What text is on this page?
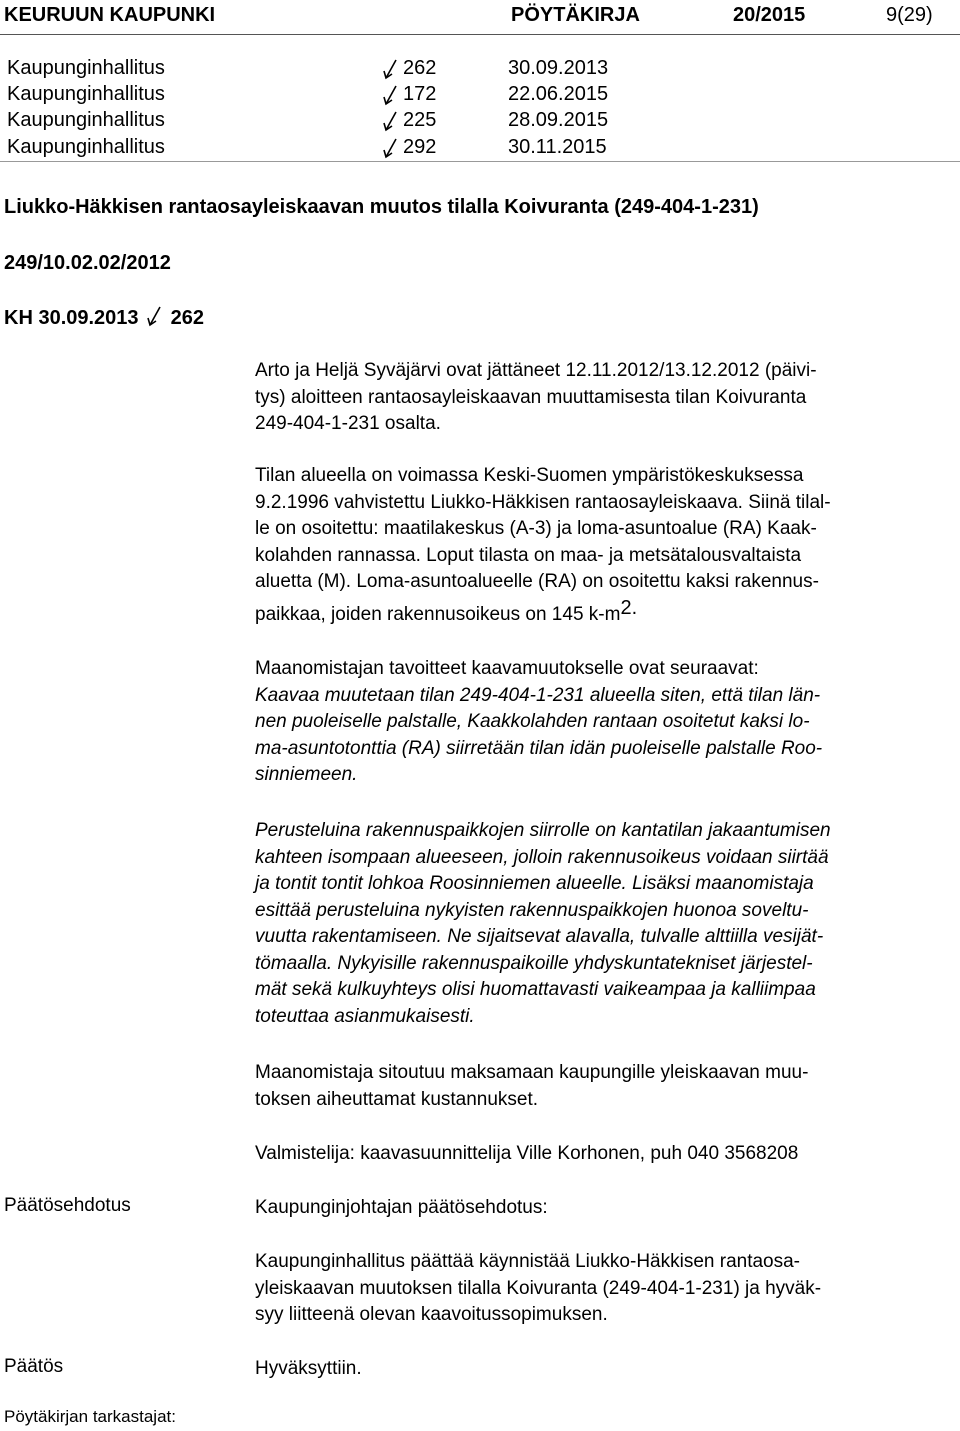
KEURUUN KAUPUNKI	PÖYTÄKIRJA	20/2015	9(29)
Kaupunginhallitus	262	30.09.2013
Kaupunginhallitus	172	22.06.2015
Kaupunginhallitus	225	28.09.2015
Kaupunginhallitus	292	30.11.2015
Liukko-Häkkisen rantaosayleiskaavan muutos tilalla Koivuranta (249-404-1-231)
249/10.02.02/2012
KH 30.09.2013 262
Arto ja Heljä Syväjärvi ovat jättäneet 12.11.2012/13.12.2012 (päivi-
tys) aloitteen rantaosayleiskaavan muuttamisesta tilan Koivuranta
249-404-1-231 osalta.
Tilan alueella on voimassa Keski-Suomen ympäristökeskuksessa
9.2.1996 vahvistettu Liukko-Häkkisen rantaosayleiskaava. Siinä tilal-
le on osoitettu: maatilakeskus (A-3) ja loma-asuntoalue (RA) Kaak-
kolahden rannassa. Loput tilasta on maa- ja metsätalousvaltaista
aluetta (M). Loma-asuntoalueelle (RA) on osoitettu kaksi rakennus-
paikkaa, joiden rakennusoikeus on 145 $k-m^{2.}$
Maanomistajan tavoitteet kaavamuutokselle ovat seuraavat:
Kaavaa muutetaan tilan 249-404-1-231 alueella siten, että tilan län-
nen puoleiselle palstalle, Kaakkolahden rantaan osoitetut kaksi lo-
ma-asuntotonttia (RA) siirretään tilan idän puoleiselle palstalle Roo-
sinniemeen.
Perusteluina rakennuspaikkojen siirrolle on kantatilan jakaantumisen
kahteen isompaan alueeseen, jolloin rakennusoikeus voidaan siirtää
ja tontit tontit lohkoa Roosinniemen alueelle. Lisäksi maanomistaja
esittää perusteluina nykyisten rakennuspaikkojen huonoa soveltu-
vuutta rakentamiseen. Ne sijaitsevat alavalla, tulvalle alttiilla vesijät-
tömaalla. Nykyisille rakennuspaikoille yhdyskuntatekniset järjestel-
mät sekä kulkuyhteys olisi huomattavasti vaikeampaa ja kalliimpaa
toteuttaa asianmukaisesti.
Maanomistaja sitoutuu maksamaan kaupungille yleiskaavan muu-
toksen aiheuttamat kustannukset.
Valmistelija: kaavasuunnittelija Ville Korhonen, puh 040 3568208
Päätösehdotus	Kaupunginjohtajan päätösehdotus:
Kaupunginhallitus päättää käynnistää Liukko-Häkkisen rantaosa-
yleiskaavan muutoksen tilalla Koivuranta (249-404-1-231) ja hyväk-
syy liitteenä olevan kaavoitussopimuksen.
Päätös	Hyväksyttiin.
Pöytäkirjan tarkastajat:
